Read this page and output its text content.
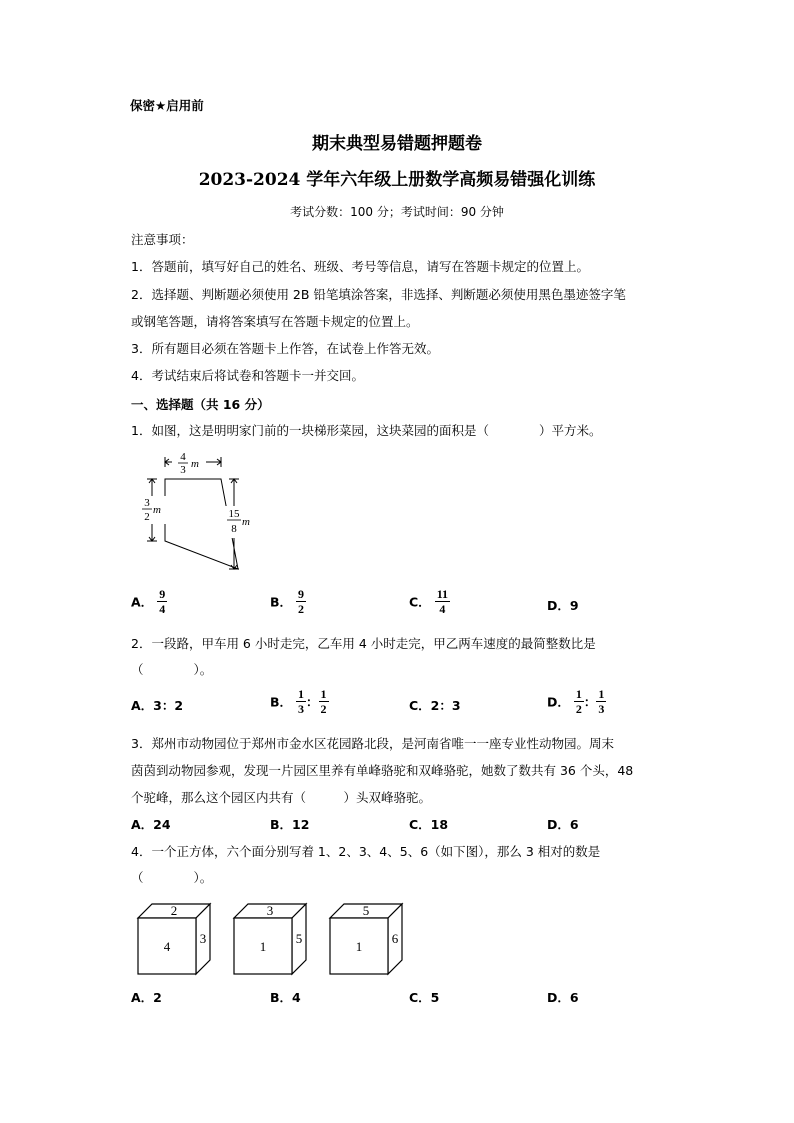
保密★启用前
期末典型易错题押题卷
2023-2024 学年六年级上册数学高频易错强化训练
考试分数：100 分；考试时间：90 分钟
注意事项：
1．答题前，填写好自己的姓名、班级、考号等信息，请写在答题卡规定的位置上。
2．选择题、判断题必须使用 2B 铅笔填涂答案，非选择、判断题必须使用黑色墨迹签字笔
或钢笔答题，请将答案填写在答题卡规定的位置上。
3．所有题目必须在答题卡上作答，在试卷上作答无效。
4．考试结束后将试卷和答题卡一并交回。
一、选择题（共 16 分）
1．如图，这是明明家门前的一块梯形菜园，这块菜园的面积是（　　　　）平方米。
4
3 m
3
2
m	15
8
m
A． $\frac{9}{4}$	B． $\frac{9}{2}$	C． $\frac{11}{4}$	D．9
2．一段路，甲车用 6 小时走完，乙车用 4 小时走完，甲乙两车速度的最简整数比是
（　　　　）。
A．3：2	B． $\frac{1}{3}$ ： $\frac{1}{2}$	C．2：3	D． $\frac{1}{2}$ ： $\frac{1}{3}$
3．郑州市动物园位于郑州市金水区花园路北段，是河南省唯一一座专业性动物园。周末
茵茵到动物园参观，发现一片园区里养有单峰骆驼和双峰骆驼，她数了数共有 36 个头，48
个驼峰，那么这个园区内共有（　　　）头双峰骆驼。
A．24	B．12	C．18	D．6
4．一个正方体，六个面分别写着 1、2、3、4、5、6（如下图），那么 3 相对的数是
（　　　　）。
2
4
3
3
1
5
5
1
6
A．2	B．4	C．5	D．6
